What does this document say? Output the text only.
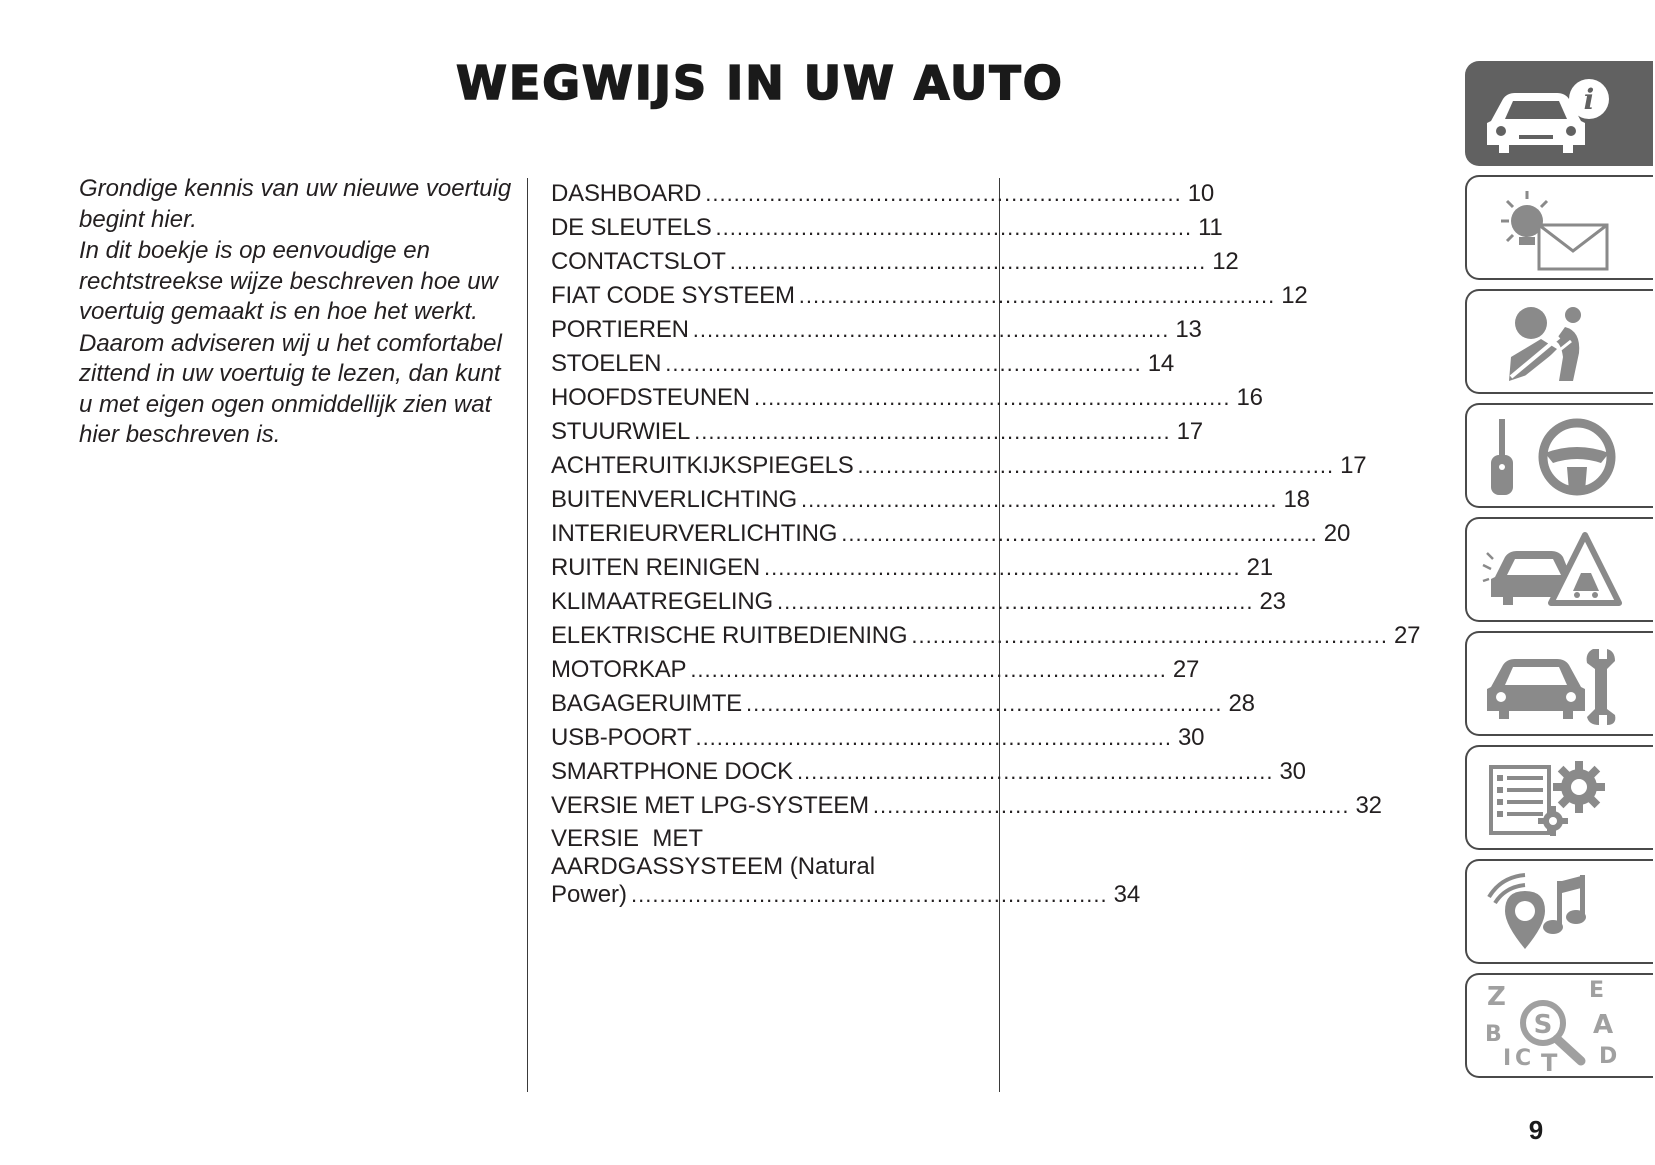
WEGWIJS IN UW AUTO

Grondige kennis van uw nieuwe voertuig begint hier.

In dit boekje is op eenvoudige en rechtstreekse wijze beschreven hoe uw voertuig gemaakt is en hoe het werkt.

Daarom adviseren wij u het comfortabel zittend in uw voertuig te lezen, dan kunt u met eigen ogen onmiddellijk zien wat hier beschreven is.

DASHBOARD ................................................................... 10
DE SLEUTELS ................................................................... 11
CONTACTSLOT ................................................................... 12
FIAT CODE SYSTEEM ................................................................... 12
PORTIEREN ................................................................... 13
STOELEN ................................................................... 14
HOOFDSTEUNEN ................................................................... 16
STUURWIEL ................................................................... 17
ACHTERUITKIJKSPIEGELS ................................................................... 17
BUITENVERLICHTING ................................................................... 18
INTERIEURVERLICHTING ................................................................... 20
RUITEN REINIGEN ................................................................... 21
KLIMAATREGELING ................................................................... 23
ELEKTRISCHE RUITBEDIENING ................................................................... 27
MOTORKAP ................................................................... 27
BAGAGERUIMTE ................................................................... 28
USB-POORT ................................................................... 30
SMARTPHONE DOCK ................................................................... 30
VERSIE MET LPG-SYSTEEM ................................................................... 32
VERSIE  MET
AARDGASSYSTEEM (Natural
Power) ................................................................... 34
i
Z	E
B	A
D
C T
I
S
9
